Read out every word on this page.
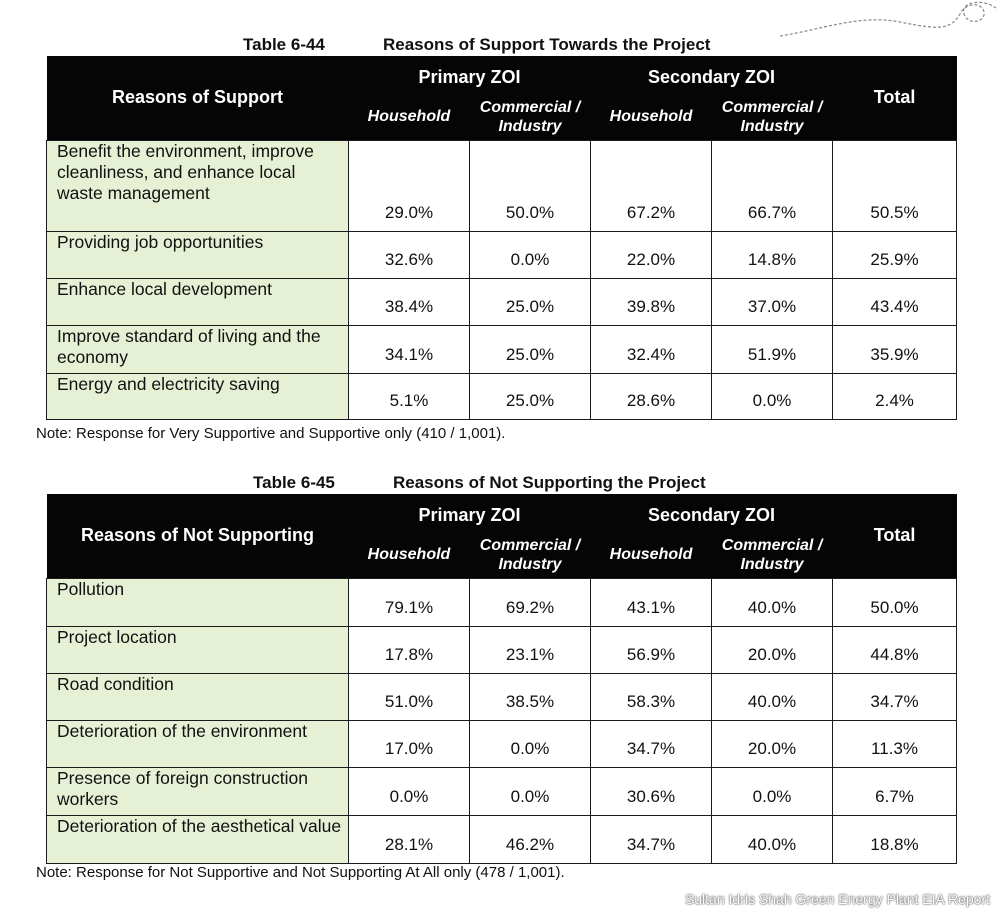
Table 6-44	Reasons of Support Towards the Project
Reasons of Support	Primary ZOI		Secondary ZOI		Total
	Household	Commercial / Industry	Household	Commercial / Industry	
Benefit the environment, improve cleanliness, and enhance local waste management	29.0%	50.0%	67.2%	66.7%	50.5%
Providing job opportunities	32.6%	0.0%	22.0%	14.8%	25.9%
Enhance local development	38.4%	25.0%	39.8%	37.0%	43.4%
Improve standard of living and the economy	34.1%	25.0%	32.4%	51.9%	35.9%
Energy and electricity saving	5.1%	25.0%	28.6%	0.0%	2.4%
Note: Response for Very Supportive and Supportive only (410 / 1,001).
Table 6-45	Reasons of Not Supporting the Project
Reasons of Not Supporting	Primary ZOI		Secondary ZOI		Total
	Household	Commercial / Industry	Household	Commercial / Industry	
Pollution	79.1%	69.2%	43.1%	40.0%	50.0%
Project location	17.8%	23.1%	56.9%	20.0%	44.8%
Road condition	51.0%	38.5%	58.3%	40.0%	34.7%
Deterioration of the environment	17.0%	0.0%	34.7%	20.0%	11.3%
Presence of foreign construction workers	0.0%	0.0%	30.6%	0.0%	6.7%
Deterioration of the aesthetical value	28.1%	46.2%	34.7%	40.0%	18.8%
Note: Response for Not Supportive and Not Supporting At All only (478 / 1,001).
Sultan Idris Shah Green Energy Plant EIA Report
